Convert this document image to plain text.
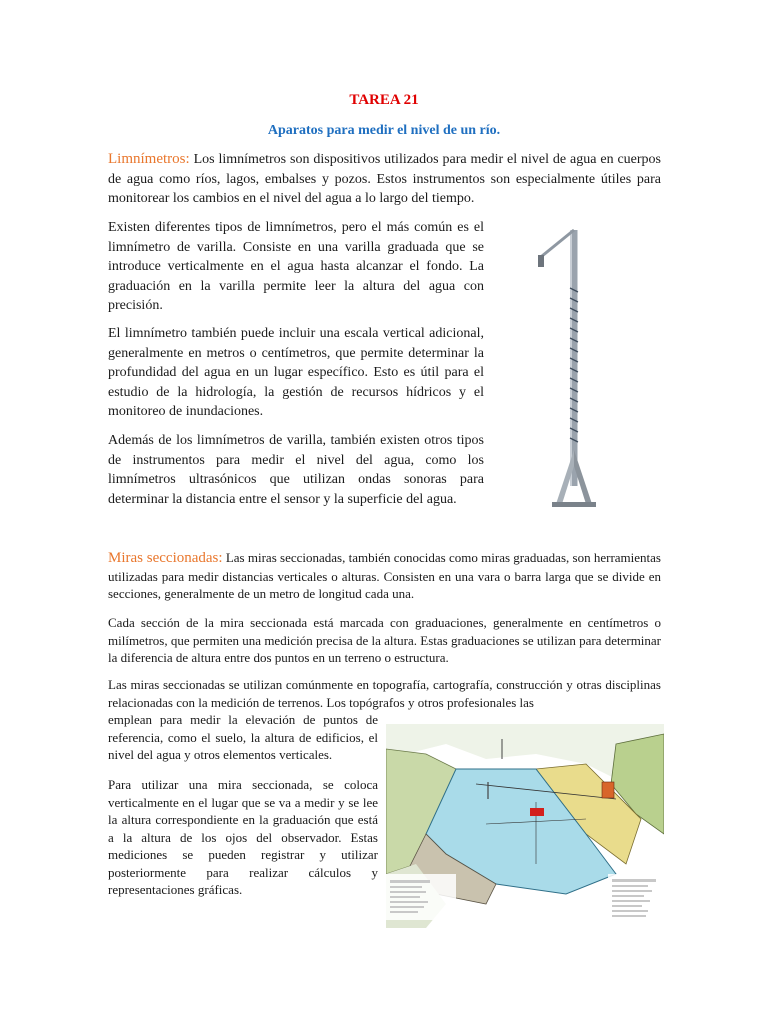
TAREA 21
Aparatos para medir el nivel de un río.

Limnímetros: Los limnímetros son dispositivos utilizados para medir el nivel de agua en cuerpos de agua como ríos, lagos, embalses y pozos. Estos instrumentos son especialmente útiles para monitorear los cambios en el nivel del agua a lo largo del tiempo.

Existen diferentes tipos de limnímetros, pero el más común es el limnímetro de varilla. Consiste en una varilla graduada que se introduce verticalmente en el agua hasta alcanzar el fondo. La graduación en la varilla permite leer la altura del agua con precisión.

El limnímetro también puede incluir una escala vertical adicional, generalmente en metros o centímetros, que permite determinar la profundidad del agua en un lugar específico. Esto es útil para el estudio de la hidrología, la gestión de recursos hídricos y el monitoreo de inundaciones.

Además de los limnímetros de varilla, también existen otros tipos de instrumentos para medir el nivel del agua, como los limnímetros ultrasónicos que utilizan ondas sonoras para determinar la distancia entre el sensor y la superficie del agua.

Miras seccionadas: Las miras seccionadas, también conocidas como miras graduadas, son herramientas utilizadas para medir distancias verticales o alturas. Consisten en una vara o barra larga que se divide en secciones, generalmente de un metro de longitud cada una.

Cada sección de la mira seccionada está marcada con graduaciones, generalmente en centímetros o milímetros, que permiten una medición precisa de la altura. Estas graduaciones se utilizan para determinar la diferencia de altura entre dos puntos en un terreno o estructura.

Las miras seccionadas se utilizan comúnmente en topografía, cartografía, construcción y otras disciplinas relacionadas con la medición de terrenos. Los topógrafos y otros profesionales las

emplean para medir la elevación de puntos de referencia, como el suelo, la altura de edificios, el nivel del agua y otros elementos verticales.

Para utilizar una mira seccionada, se coloca verticalmente en el lugar que se va a medir y se lee la altura correspondiente en la graduación que está a la altura de los ojos del observador. Estas mediciones se pueden registrar y utilizar posteriormente para realizar cálculos y representaciones gráficas.
